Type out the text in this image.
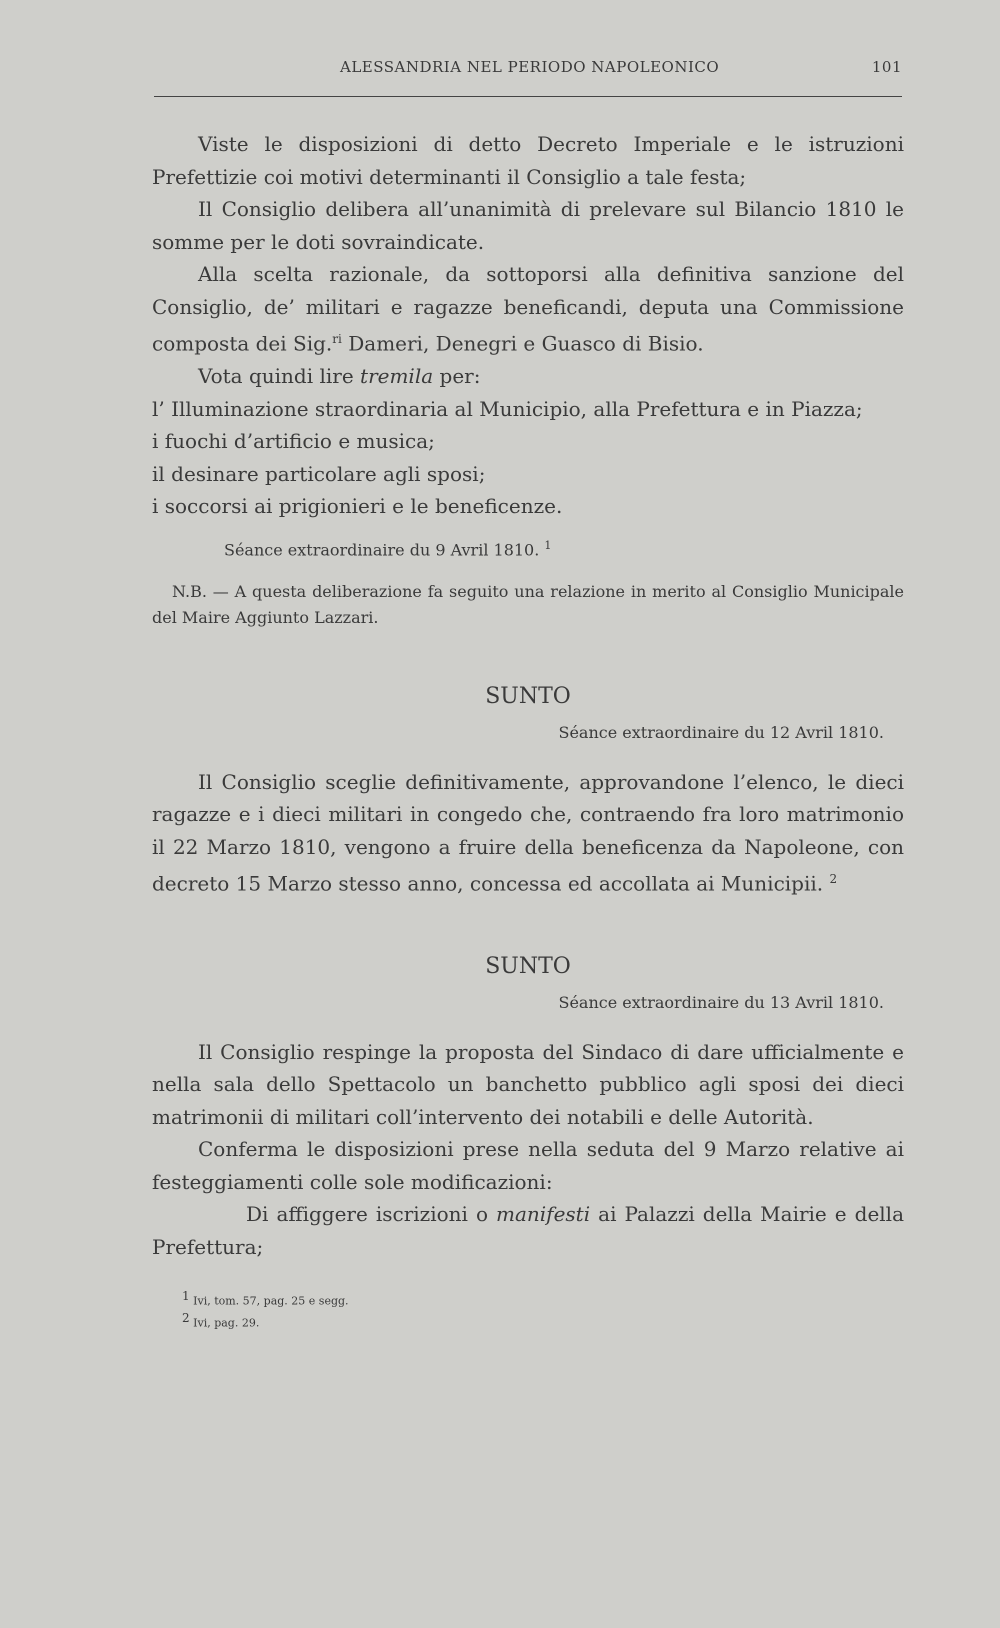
ALESSANDRIA NEL PERIODO NAPOLEONICO	101

Viste le disposizioni di detto Decreto Imperiale e le istruzioni Prefettizie coi motivi determinanti il Consiglio a tale festa;

Il Consiglio delibera all’unanimità di prelevare sul Bilancio 1810 le somme per le doti sovraindicate.

Alla scelta razionale, da sottoporsi alla definitiva sanzione del Consiglio, de’ militari e ragazze beneficandi, deputa una Commissione composta dei Sig.$^{ri}$ Dameri, Denegri e Guasco di Bisio.

Vota quindi lire tremila per:

l’ Illuminazione straordinaria al Municipio, alla Prefettura e in Piazza;

i fuochi d’artificio e musica;

il desinare particolare agli sposi;

i soccorsi ai prigionieri e le beneficenze.

Séance extraordinaire du 9 Avril 1810. $^1$

N.B. — A questa deliberazione fa seguito una relazione in merito al Consiglio Municipale del Maire Aggiunto Lazzari.

SUNTO
Séance extraordinaire du 12 Avril 1810.

Il Consiglio sceglie definitivamente, approvandone l’elenco, le dieci ragazze e i dieci militari in congedo che, contraendo fra loro matrimonio il 22 Marzo 1810, vengono a fruire della beneficenza da Napoleone, con decreto 15 Marzo stesso anno, concessa ed accollata ai Municipii. $^2$

SUNTO
Séance extraordinaire du 13 Avril 1810.

Il Consiglio respinge la proposta del Sindaco di dare ufficialmente e nella sala dello Spettacolo un banchetto pubblico agli sposi dei dieci matrimonii di militari coll’intervento dei notabili e delle Autorità.

Conferma le disposizioni prese nella seduta del 9 Marzo relative ai festeggiamenti colle sole modificazioni:

Di affiggere iscrizioni o manifesti ai Palazzi della Mairie e della Prefettura;

$^1$ Ivi, tom. 57, pag. 25 e segg.
$^2$ Ivi, pag. 29.
